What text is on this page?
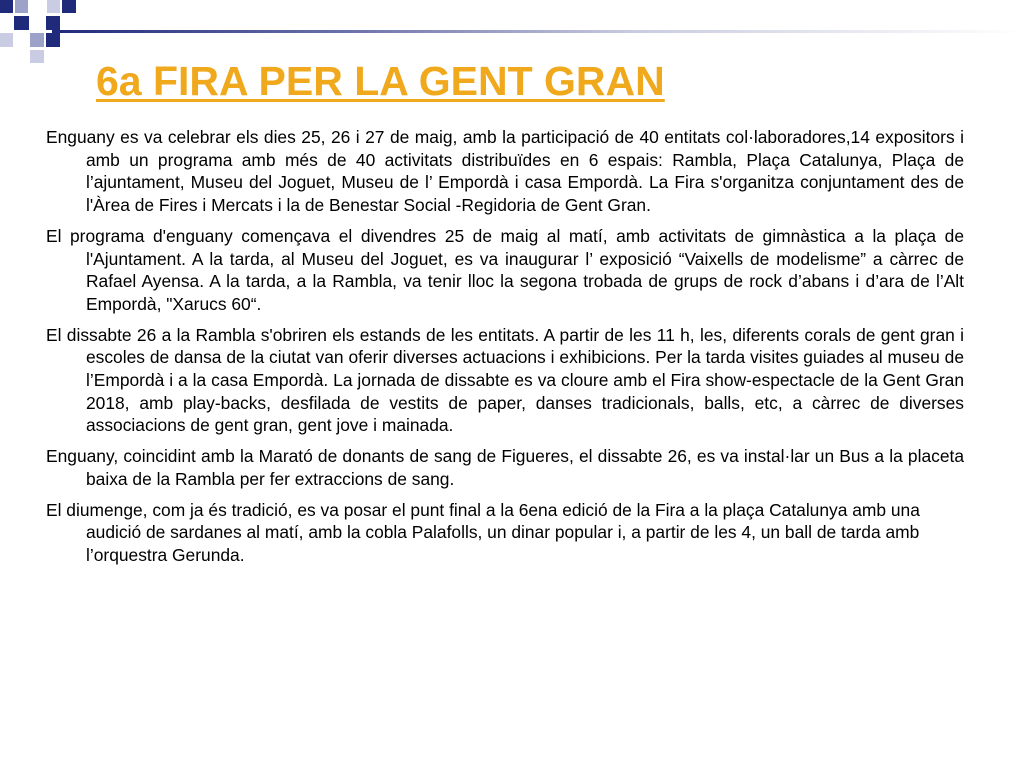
6a FIRA PER LA GENT GRAN

Enguany es va celebrar els dies 25, 26 i 27 de maig, amb la participació de 40 entitats col·laboradores,14 expositors i amb un programa amb més de 40 activitats distribuïdes en 6 espais: Rambla, Plaça Catalunya, Plaça de l’ajuntament, Museu del Joguet, Museu de l’ Empordà i casa Empordà. La Fira s'organitza conjuntament des de l'Àrea de Fires i Mercats i la de Benestar Social -Regidoria de Gent Gran.

El programa d'enguany començava el divendres 25 de maig al matí, amb activitats de gimnàstica a la plaça de l'Ajuntament. A la tarda, al Museu del Joguet, es va inaugurar l’ exposició “Vaixells de modelisme” a càrrec de Rafael Ayensa. A la tarda, a la Rambla, va tenir lloc la segona trobada de grups de rock d’abans i d’ara de l’Alt Empordà, "Xarucs 60“.

El dissabte 26 a la Rambla s'obriren els estands de les entitats. A partir de les 11 h, les, diferents corals de gent gran i escoles de dansa de la ciutat van oferir diverses actuacions i exhibicions. Per la tarda visites guiades al museu de l’Empordà i a la casa Empordà. La jornada de dissabte es va cloure amb el Fira show-espectacle de la Gent Gran 2018, amb play-backs, desfilada de vestits de paper, danses tradicionals, balls, etc, a càrrec de diverses associacions de gent gran, gent jove i mainada.

Enguany, coincidint amb la Marató de donants de sang de Figueres, el dissabte 26, es va instal·lar un Bus a la placeta baixa de la Rambla per fer extraccions de sang.

El diumenge, com ja és tradició, es va posar el punt final a la 6ena edició de la Fira a la plaça Catalunya amb una audició de sardanes al matí, amb la cobla Palafolls, un dinar popular i, a partir de les 4, un ball de tarda amb l’orquestra Gerunda.
